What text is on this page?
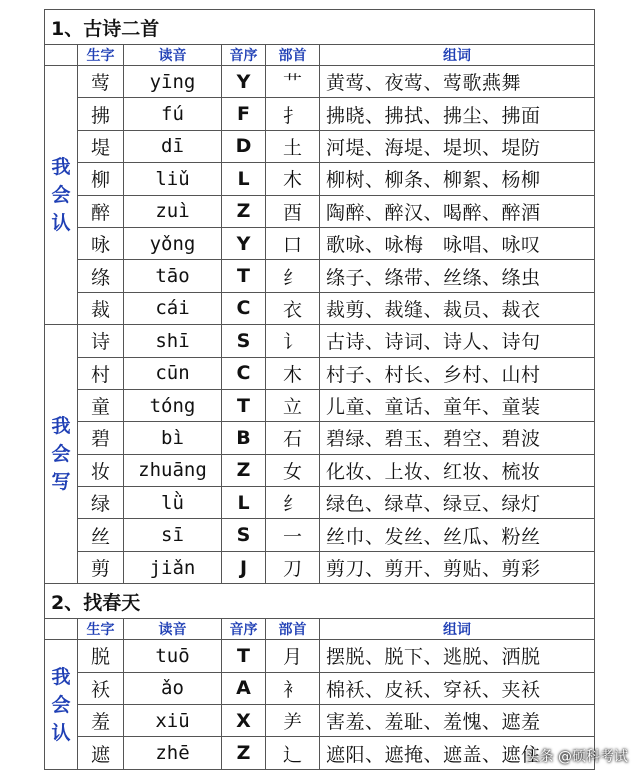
1、古诗二首					
	生字	读音	音序	部首	组词

我
会
认	莺	yīng	Y	艹	黄莺、夜莺、莺歌燕舞
	拂	fú	F	扌	拂晓、拂拭、拂尘、拂面
	堤	dī	D	土	河堤、海堤、堤坝、堤防
	柳	liǔ	L	木	柳树、柳条、柳絮、杨柳
	醉	zuì	Z	酉	陶醉、醉汉、喝醉、醉酒
	咏	yǒng	Y	口	歌咏、咏梅　咏唱、咏叹
	绦	tāo	T	纟	绦子、绦带、丝绦、绦虫
	裁	cái	C	衣	裁剪、裁缝、裁员、裁衣

我
会
写	诗	shī	S	讠	古诗、诗词、诗人、诗句
	村	cūn	C	木	村子、村长、乡村、山村
	童	tóng	T	立	儿童、童话、童年、童装
	碧	bì	B	石	碧绿、碧玉、碧空、碧波
	妆	zhuāng	Z	女	化妆、上妆、红妆、梳妆
	绿	lǜ	L	纟	绿色、绿草、绿豆、绿灯
	丝	sī	S	一	丝巾、发丝、丝瓜、粉丝
	剪	jiǎn	J	刀	剪刀、剪开、剪贴、剪彩
2、找春天					
	生字	读音	音序	部首	组词

我
会
认	脱	tuō	T	月	摆脱、脱下、逃脱、洒脱
	袄	ǎo	A	衤	棉袄、皮袄、穿袄、夹袄
	羞	xiū	X	⺶	害羞、羞耻、羞愧、遮羞
	遮	zhē	Z	辶	遮阳、遮掩、遮盖、遮住
头条 @硕科考试
